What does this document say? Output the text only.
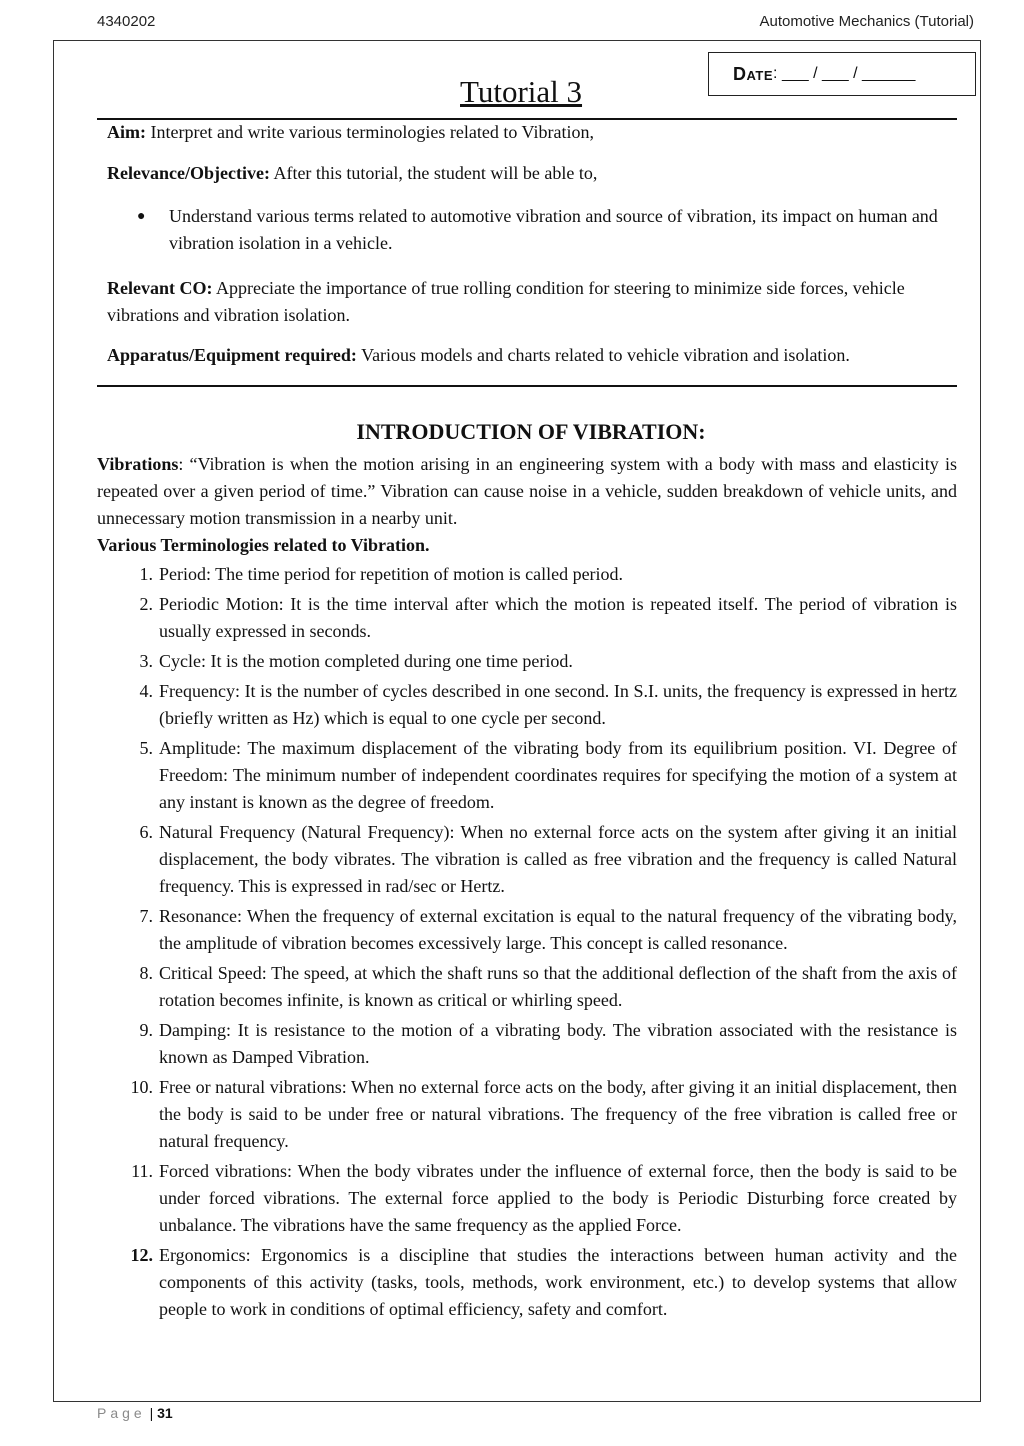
4340202	Automotive Mechanics (Tutorial)
Date : ___ / ___ / ______
Tutorial 3
Aim: Interpret and write various terminologies related to Vibration,
Relevance/Objective: After this tutorial, the student will be able to,
●	Understand various terms related to automotive vibration and source of vibration, its impact on human and vibration isolation in a vehicle.
Relevant CO: Appreciate the importance of true rolling condition for steering to minimize side forces, vehicle vibrations and vibration isolation.
Apparatus/Equipment required: Various models and charts related to vehicle vibration and isolation.
INTRODUCTION OF VIBRATION:
Vibrations: “Vibration is when the motion arising in an engineering system with a body with mass and elasticity is repeated over a given period of time.” Vibration can cause noise in a vehicle, sudden breakdown of vehicle units, and unnecessary motion transmission in a nearby unit.
Various Terminologies related to Vibration.
1. Period: The time period for repetition of motion is called period.
2. Periodic Motion: It is the time interval after which the motion is repeated itself. The period of vibration is usually expressed in seconds.
3. Cycle: It is the motion completed during one time period.
4. Frequency: It is the number of cycles described in one second. In S.I. units, the frequency is expressed in hertz (briefly written as Hz) which is equal to one cycle per second.
5. Amplitude: The maximum displacement of the vibrating body from its equilibrium position. VI. Degree of Freedom: The minimum number of independent coordinates requires for specifying the motion of a system at any instant is known as the degree of freedom.
6. Natural Frequency (Natural Frequency): When no external force acts on the system after giving it an initial displacement, the body vibrates. The vibration is called as free vibration and the frequency is called Natural frequency. This is expressed in rad/sec or Hertz.
7. Resonance: When the frequency of external excitation is equal to the natural frequency of the vibrating body, the amplitude of vibration becomes excessively large. This concept is called resonance.
8. Critical Speed: The speed, at which the shaft runs so that the additional deflection of the shaft from the axis of rotation becomes infinite, is known as critical or whirling speed.
9. Damping: It is resistance to the motion of a vibrating body. The vibration associated with the resistance is known as Damped Vibration.
10. Free or natural vibrations: When no external force acts on the body, after giving it an initial displacement, then the body is said to be under free or natural vibrations. The frequency of the free vibration is called free or natural frequency.
11. Forced vibrations: When the body vibrates under the influence of external force, then the body is said to be under forced vibrations. The external force applied to the body is Periodic Disturbing force created by unbalance. The vibrations have the same frequency as the applied Force.
12. Ergonomics: Ergonomics is a discipline that studies the interactions between human activity and the components of this activity (tasks, tools, methods, work environment, etc.) to develop systems that allow people to work in conditions of optimal efficiency, safety and comfort.
Page | 31
